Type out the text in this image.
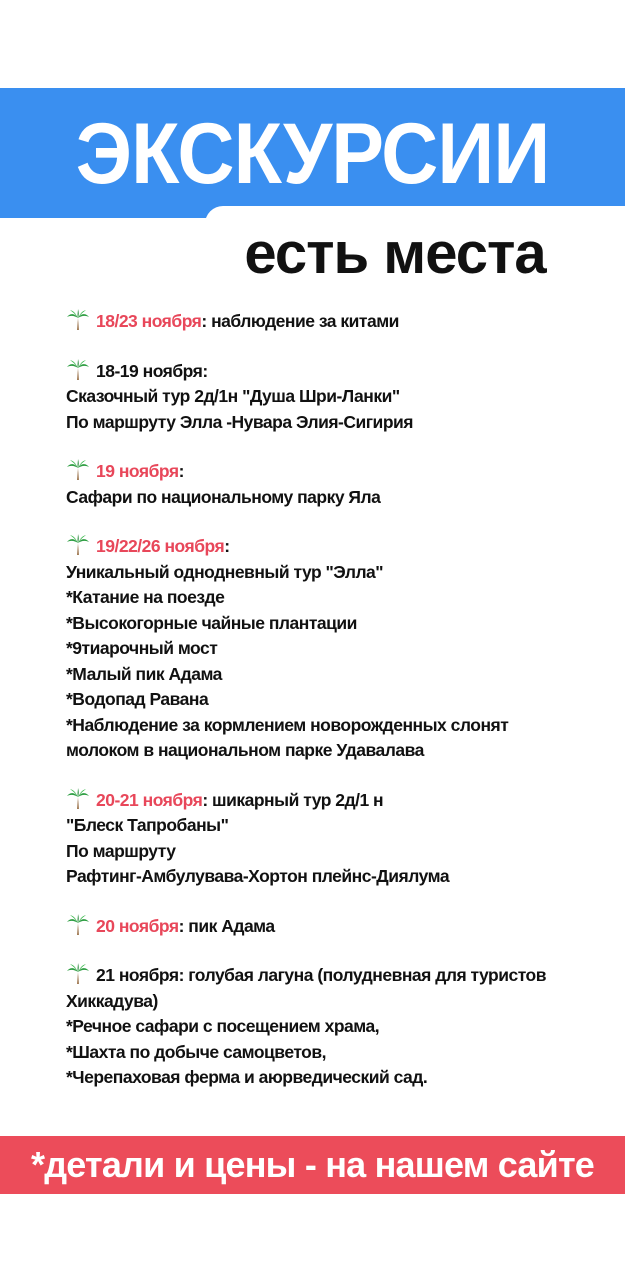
ЭКСКУРСИИ
есть места
18/23 ноября: наблюдение за китами
18-19 ноября:
Сказочный тур 2д/1н "Душа Шри-Ланки"
По маршруту Элла -Нувара Элия-Сигирия
19 ноября:
Сафари по национальному парку Яла
19/22/26 ноября:
Уникальный однодневный тур "Элла"
*Катание на поезде
*Высокогорные чайные плантации
*9тиарочный мост
*Малый пик Адама
*Водопад Равана
*Наблюдение за кормлением новорожденных слонят
молоком в национальном парке Удавалава
20-21 ноября: шикарный тур 2д/1 н
"Блеск Тапробаны"
По маршруту
Рафтинг-Амбулувава-Хортон плейнс-Диялума
20 ноября: пик Адама
21 ноября: голубая лагуна (полудневная для туристов
Хиккадува)
*Речное сафари с посещением храма,
*Шахта по добыче самоцветов,
*Черепаховая ферма и аюрведический сад.
*детали и цены - на нашем сайте
